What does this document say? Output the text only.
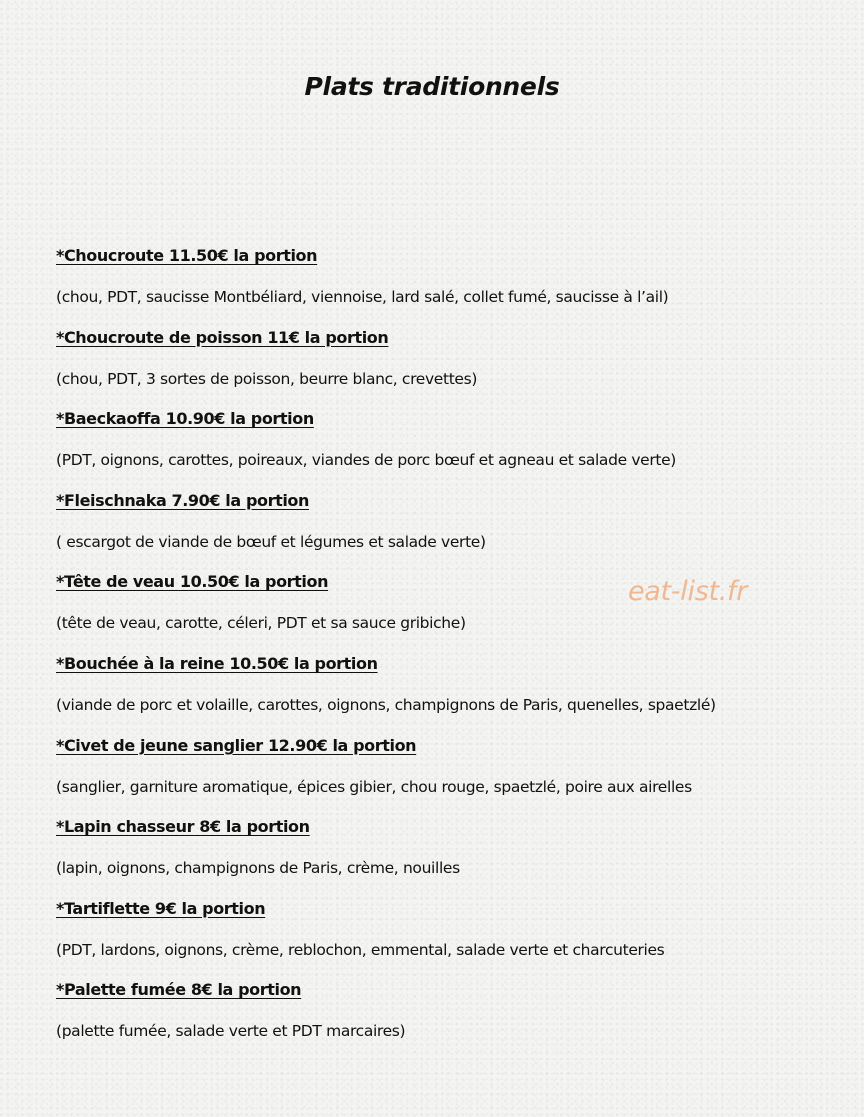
Plats traditionnels
*Choucroute 11.50€ la portion
(chou, PDT, saucisse Montbéliard, viennoise, lard salé, collet fumé, saucisse à l’ail)
*Choucroute de poisson 11€ la portion
(chou, PDT, 3 sortes de poisson, beurre blanc, crevettes)
*Baeckaoffa 10.90€ la portion
(PDT, oignons, carottes, poireaux, viandes de porc bœuf et agneau et salade verte)
*Fleischnaka 7.90€ la portion
( escargot de viande de bœuf et légumes et salade verte)
*Tête de veau 10.50€ la portion
(tête de veau, carotte, céleri, PDT et sa sauce gribiche)
*Bouchée à la reine 10.50€ la portion
(viande de porc et volaille, carottes, oignons, champignons de Paris, quenelles, spaetzlé)
*Civet de jeune sanglier 12.90€ la portion
(sanglier, garniture aromatique, épices gibier, chou rouge, spaetzlé, poire aux airelles
*Lapin chasseur 8€ la portion
(lapin, oignons, champignons de Paris, crème, nouilles
*Tartiflette 9€ la portion
(PDT, lardons, oignons, crème, reblochon, emmental, salade verte et charcuteries
*Palette fumée 8€ la portion
(palette fumée, salade verte et PDT marcaires)
eat-list.fr
